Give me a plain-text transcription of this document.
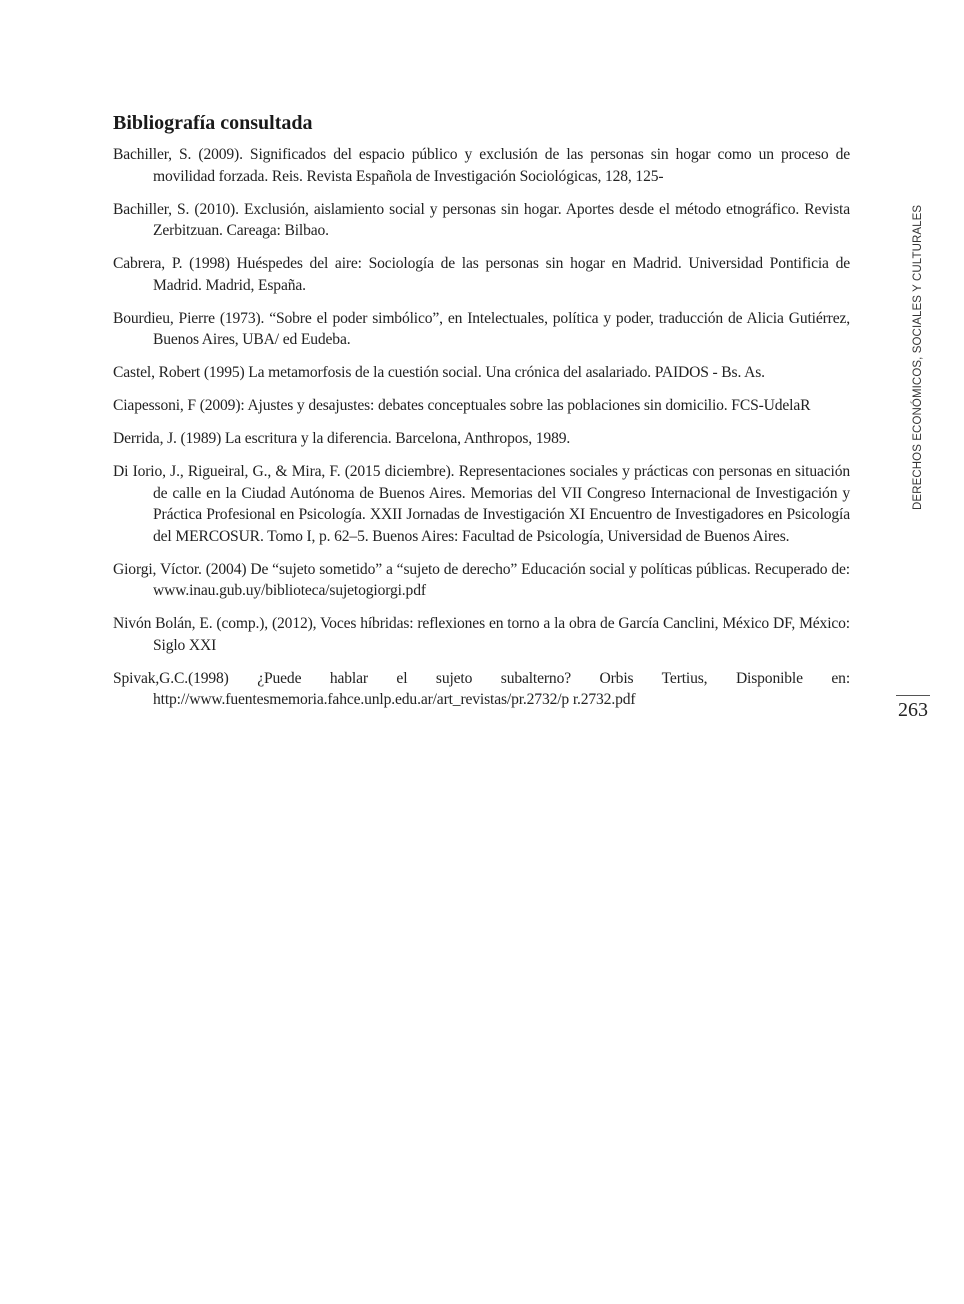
Bibliografía consultada
Bachiller, S. (2009). Significados del espacio público y exclusión de las personas sin hogar como un proceso de movilidad forzada. Reis. Revista Española de Investigación Sociológicas, 128, 125-
Bachiller, S. (2010). Exclusión, aislamiento social y personas sin hogar. Aportes desde el método etnográfico. Revista Zerbitzuan. Careaga: Bilbao.
Cabrera, P. (1998) Huéspedes del aire: Sociología de las personas sin hogar en Madrid. Universidad Pontificia de Madrid. Madrid, España.
Bourdieu, Pierre (1973). “Sobre el poder simbólico”, en Intelectuales, política y poder, traducción de Alicia Gutiérrez, Buenos Aires, UBA/ ed Eudeba.
Castel, Robert (1995) La metamorfosis de la cuestión social. Una crónica del asalariado. PAIDOS - Bs. As.
Ciapessoni, F (2009): Ajustes y desajustes: debates conceptuales sobre las poblaciones sin domicilio. FCS-UdelaR
Derrida, J. (1989) La escritura y la diferencia. Barcelona, Anthropos, 1989.
Di Iorio, J., Rigueiral, G., & Mira, F. (2015 diciembre). Representaciones sociales y prácticas con personas en situación de calle en la Ciudad Autónoma de Buenos Aires. Memorias del VII Congreso Internacional de Investigación y Práctica Profesional en Psicología. XXII Jornadas de Investigación XI Encuentro de Investigadores en Psicología del MERCOSUR. Tomo I, p. 62–5. Buenos Aires: Facultad de Psicología, Universidad de Buenos Aires.
Giorgi, Víctor. (2004) De “sujeto sometido” a “sujeto de derecho” Educación social y políticas públicas. Recuperado de: www.inau.gub.uy/biblioteca/sujetogiorgi.pdf
Nivón Bolán, E. (comp.), (2012), Voces híbridas: reflexiones en torno a la obra de García Canclini, México DF, México: Siglo XXI
Spivak,G.C.(1998) ¿Puede hablar el sujeto subalterno? Orbis Tertius, Disponible en: http://www.fuentesmemoria.fahce.unlp.edu.ar/art_revistas/pr.2732/p r.2732.pdf
DERECHOS ECONÓMICOS, SOCIALES Y CULTURALES
263
